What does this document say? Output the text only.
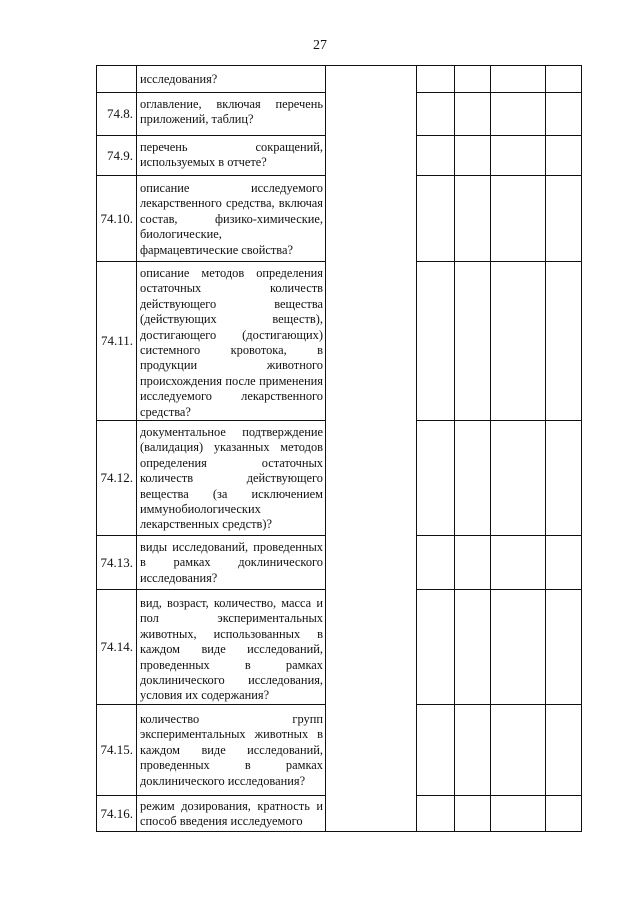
27
исследования?
74.8.
оглавление, включая перечень приложений, таблиц?
74.9.
перечень сокращений, используемых в отчете?
74.10.
описание исследуемого лекарственного средства, включая состав, физико-химические, биологические, фармацевтические свойства?
74.11.
описание методов определения остаточных количеств действующего вещества (действующих веществ), достигающего (достигающих) системного кровотока, в продукции животного происхождения после применения исследуемого лекарственного средства?
74.12.
документальное подтверждение (валидация) указанных методов определения остаточных количеств действующего вещества (за исключением иммунобиологических лекарственных средств)?
74.13.
виды исследований, проведенных в рамках доклинического исследования?
74.14.
вид, возраст, количество, масса и пол экспериментальных животных, использованных в каждом виде исследований, проведенных в рамках доклинического исследования, условия их содержания?
74.15.
количество групп экспериментальных животных в каждом виде исследований, проведенных в рамках доклинического исследования?
74.16. режим дозирования, кратность и способ введения исследуемого
